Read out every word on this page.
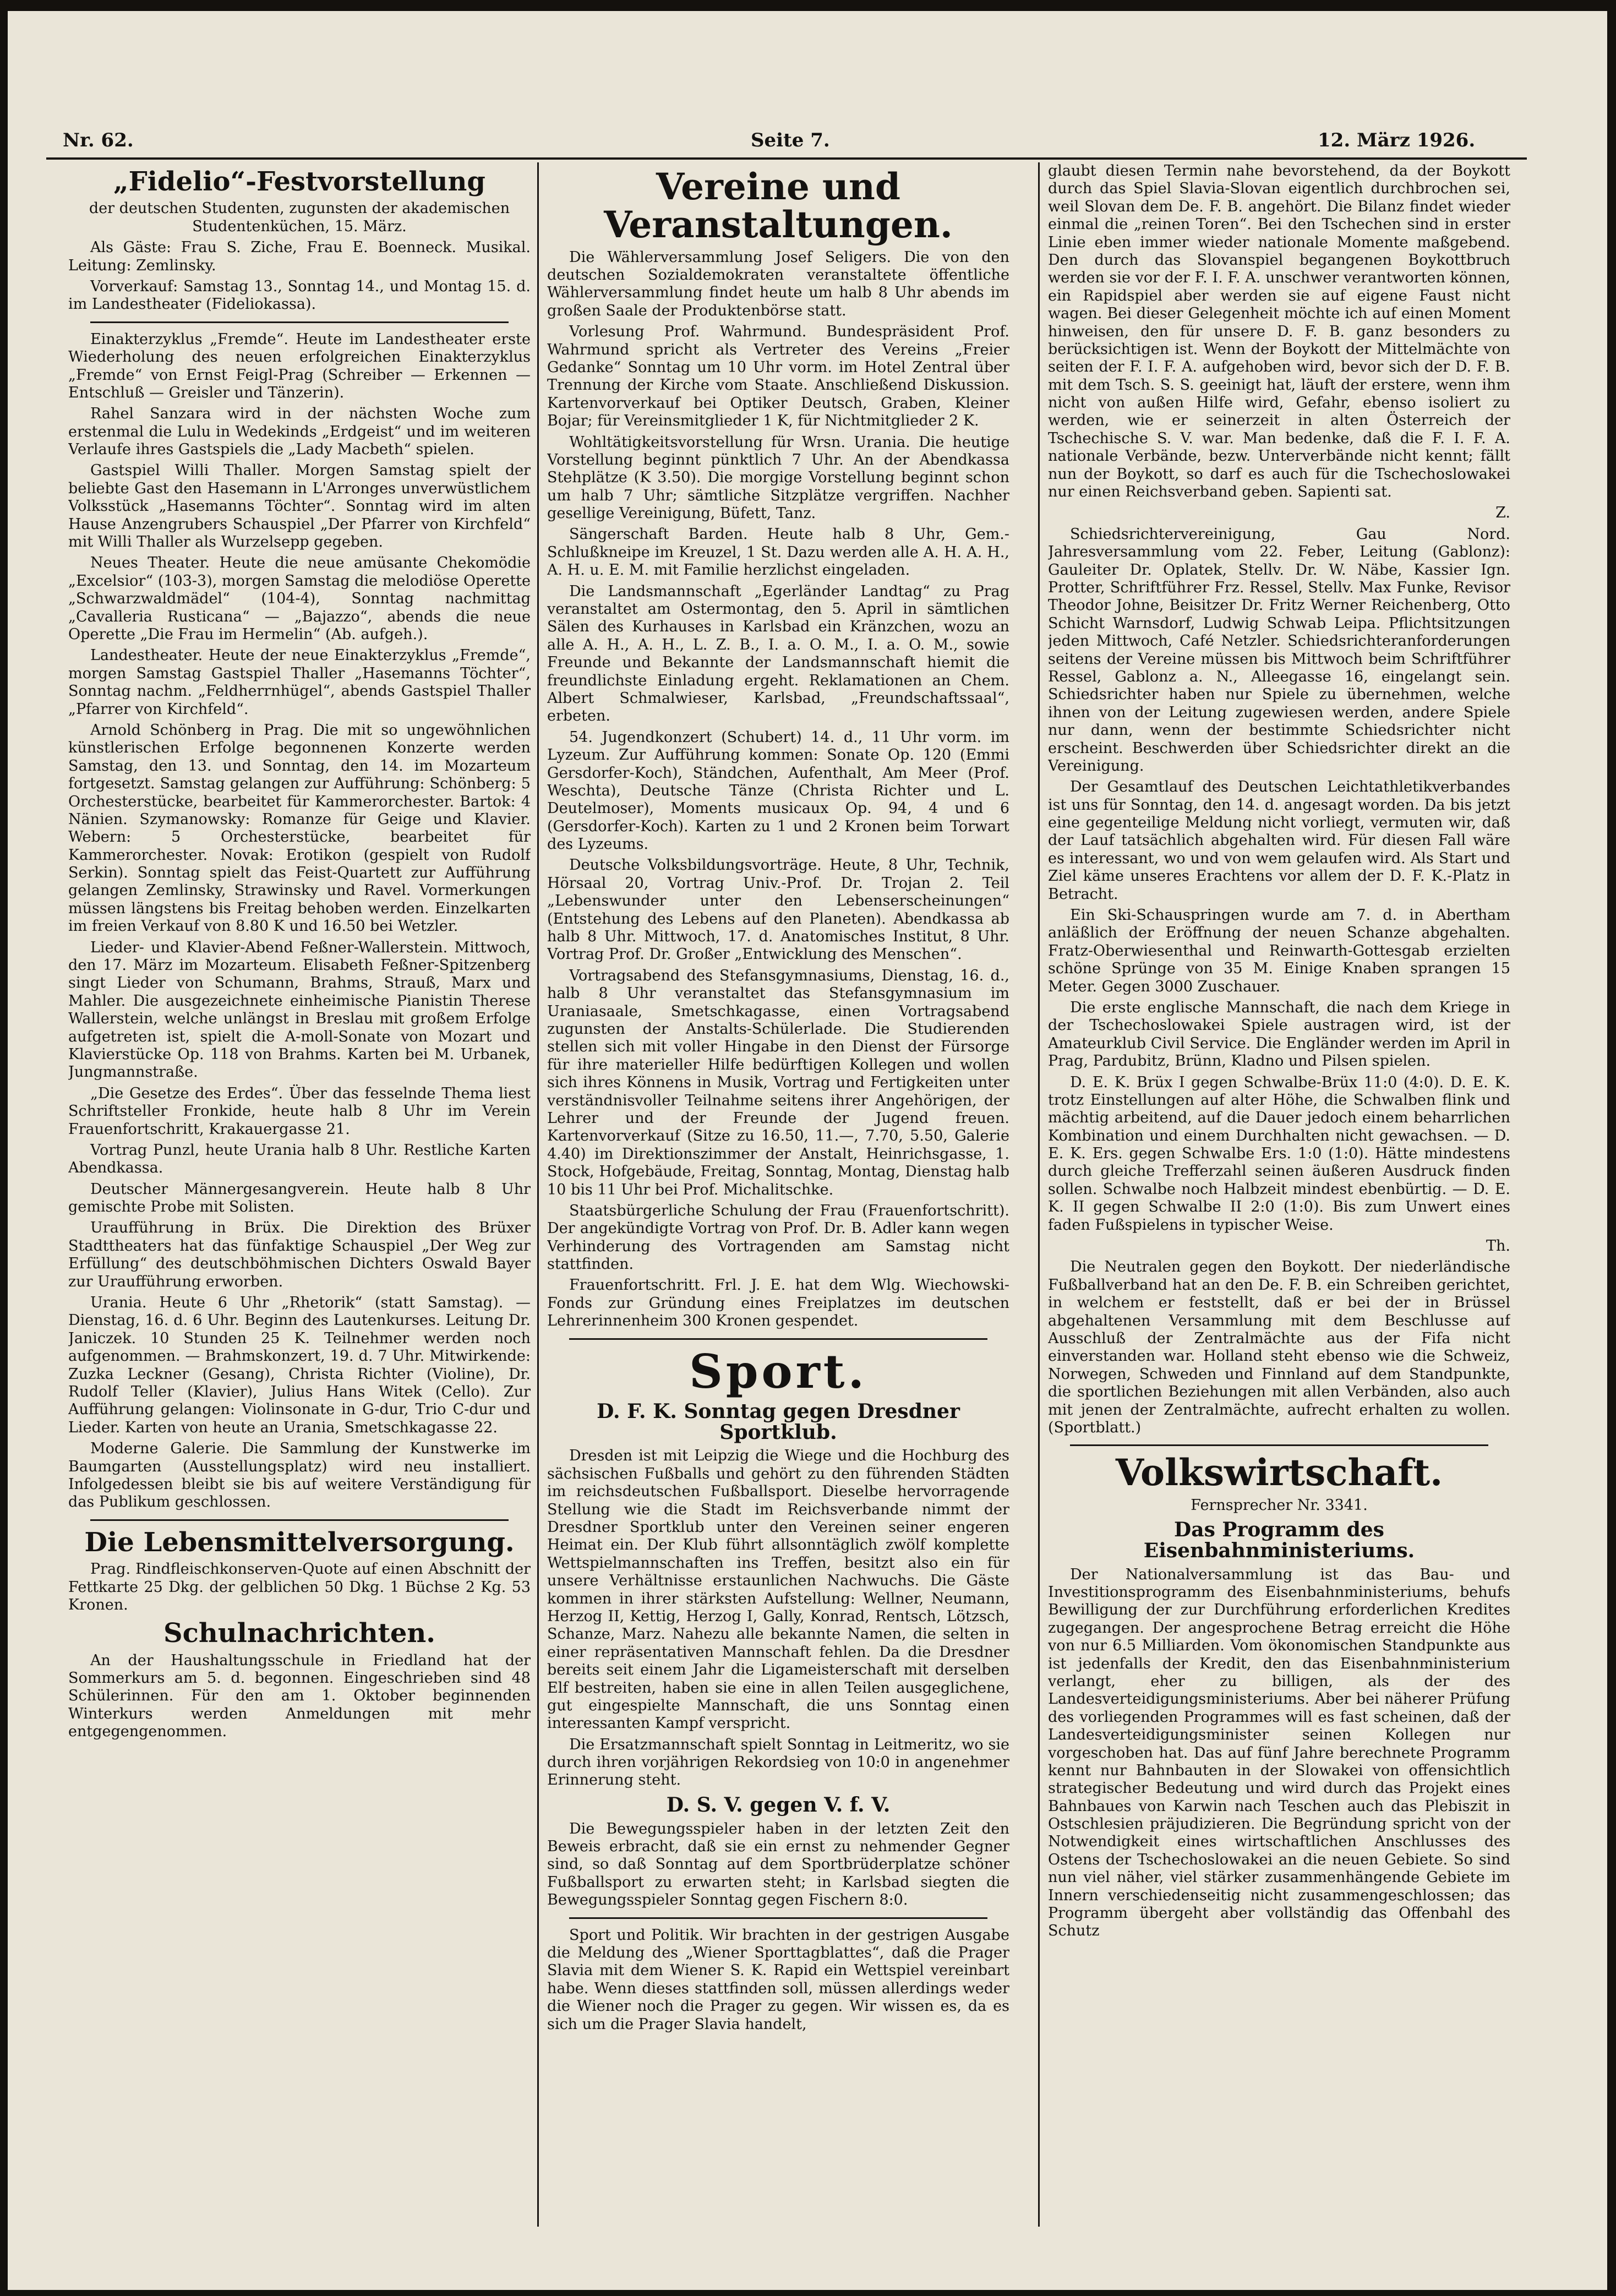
Nr. 62.	Seite 7.	12. März 1926.
„Fidelio“-Festvorstellung

der deutschen Studenten, zugunsten der akademischen Studentenküchen, 15. März.

Als Gäste: Frau S. Ziche, Frau E. Boenneck. Musikal. Leitung: Zemlinsky.

Vorverkauf: Samstag 13., Sonntag 14., und Montag 15. d. im Landestheater (Fideliokassa).

Einakterzyklus „Fremde“. Heute im Landestheater erste Wiederholung des neuen erfolgreichen Einakterzyklus „Fremde“ von Ernst Feigl-Prag (Schreiber — Erkennen — Entschluß — Greisler und Tänzerin).

Rahel Sanzara wird in der nächsten Woche zum erstenmal die Lulu in Wedekinds „Erdgeist“ und im weiteren Verlaufe ihres Gastspiels die „Lady Macbeth“ spielen.

Gastspiel Willi Thaller. Morgen Samstag spielt der beliebte Gast den Hasemann in L'Arronges unverwüstlichem Volksstück „Hasemanns Töchter“. Sonntag wird im alten Hause Anzengrubers Schauspiel „Der Pfarrer von Kirchfeld“ mit Willi Thaller als Wurzelsepp gegeben.

Neues Theater. Heute die neue amüsante Chekomödie „Excelsior“ (103-3), morgen Samstag die melodiöse Operette „Schwarzwaldmädel“ (104-4), Sonntag nachmittag „Cavalleria Rusticana“ — „Bajazzo“, abends die neue Operette „Die Frau im Hermelin“ (Ab. aufgeh.).

Landestheater. Heute der neue Einakterzyklus „Fremde“, morgen Samstag Gastspiel Thaller „Hasemanns Töchter“, Sonntag nachm. „Feldherrnhügel“, abends Gastspiel Thaller „Pfarrer von Kirchfeld“.

Arnold Schönberg in Prag. Die mit so ungewöhnlichen künstlerischen Erfolge begonnenen Konzerte werden Samstag, den 13. und Sonntag, den 14. im Mozarteum fortgesetzt. Samstag gelangen zur Aufführung: Schönberg: 5 Orchesterstücke, bearbeitet für Kammerorchester. Bartok: 4 Nänien. Szymanowsky: Romanze für Geige und Klavier. Webern: 5 Orchesterstücke, bearbeitet für Kammerorchester. Novak: Erotikon (gespielt von Rudolf Serkin). Sonntag spielt das Feist-Quartett zur Aufführung gelangen Zemlinsky, Strawinsky und Ravel. Vormerkungen müssen längstens bis Freitag behoben werden. Einzelkarten im freien Verkauf von 8.80 K und 16.50 bei Wetzler.

Lieder- und Klavier-Abend Feßner-Wallerstein. Mittwoch, den 17. März im Mozarteum. Elisabeth Feßner-Spitzenberg singt Lieder von Schumann, Brahms, Strauß, Marx und Mahler. Die ausgezeichnete einheimische Pianistin Therese Wallerstein, welche unlängst in Breslau mit großem Erfolge aufgetreten ist, spielt die A-moll-Sonate von Mozart und Klavierstücke Op. 118 von Brahms. Karten bei M. Urbanek, Jungmannstraße.

„Die Gesetze des Erdes“. Über das fesselnde Thema liest Schriftsteller Fronkide, heute halb 8 Uhr im Verein Frauenfortschritt, Krakauergasse 21.

Vortrag Punzl, heute Urania halb 8 Uhr. Restliche Karten Abendkassa.

Deutscher Männergesangverein. Heute halb 8 Uhr gemischte Probe mit Solisten.

Uraufführung in Brüx. Die Direktion des Brüxer Stadttheaters hat das fünfaktige Schauspiel „Der Weg zur Erfüllung“ des deutschböhmischen Dichters Oswald Bayer zur Uraufführung erworben.

Urania. Heute 6 Uhr „Rhetorik“ (statt Samstag). — Dienstag, 16. d. 6 Uhr. Beginn des Lautenkurses. Leitung Dr. Janiczek. 10 Stunden 25 K. Teilnehmer werden noch aufgenommen. — Brahmskonzert, 19. d. 7 Uhr. Mitwirkende: Zuzka Leckner (Gesang), Christa Richter (Violine), Dr. Rudolf Teller (Klavier), Julius Hans Witek (Cello). Zur Aufführung gelangen: Violinsonate in G-dur, Trio C-dur und Lieder. Karten von heute an Urania, Smetschkagasse 22.

Moderne Galerie. Die Sammlung der Kunstwerke im Baumgarten (Ausstellungsplatz) wird neu installiert. Infolgedessen bleibt sie bis auf weitere Verständigung für das Publikum geschlossen.

Die Lebensmittelversorgung.

Prag. Rindfleischkonserven-Quote auf einen Abschnitt der Fettkarte 25 Dkg. der gelblichen 50 Dkg. 1 Büchse 2 Kg. 53 Kronen.

Schulnachrichten.

An der Haushaltungsschule in Friedland hat der Sommerkurs am 5. d. begonnen. Eingeschrieben sind 48 Schülerinnen. Für den am 1. Oktober beginnenden Winterkurs werden Anmeldungen mit mehr entgegengenommen.

Vereine und Veranstaltungen.

Die Wählerversammlung Josef Seligers. Die von den deutschen Sozialdemokraten veranstaltete öffentliche Wählerversammlung findet heute um halb 8 Uhr abends im großen Saale der Produktenbörse statt.

Vorlesung Prof. Wahrmund. Bundespräsident Prof. Wahrmund spricht als Vertreter des Vereins „Freier Gedanke“ Sonntag um 10 Uhr vorm. im Hotel Zentral über Trennung der Kirche vom Staate. Anschließend Diskussion. Kartenvorverkauf bei Optiker Deutsch, Graben, Kleiner Bojar; für Vereinsmitglieder 1 K, für Nichtmitglieder 2 K.

Wohltätigkeitsvorstellung für Wrsn. Urania. Die heutige Vorstellung beginnt pünktlich 7 Uhr. An der Abendkassa Stehplätze (K 3.50). Die morgige Vorstellung beginnt schon um halb 7 Uhr; sämtliche Sitzplätze vergriffen. Nachher gesellige Vereinigung, Büfett, Tanz.

Sängerschaft Barden. Heute halb 8 Uhr, Gem.-Schlußkneipe im Kreuzel, 1 St. Dazu werden alle A. H. A. H., A. H. u. E. M. mit Familie herzlichst eingeladen.

Die Landsmannschaft „Egerländer Landtag“ zu Prag veranstaltet am Ostermontag, den 5. April in sämtlichen Sälen des Kurhauses in Karlsbad ein Kränzchen, wozu an alle A. H., A. H., L. Z. B., I. a. O. M., I. a. O. M., sowie Freunde und Bekannte der Landsmannschaft hiemit die freundlichste Einladung ergeht. Reklamationen an Chem. Albert Schmalwieser, Karlsbad, „Freundschaftssaal“, erbeten.

54. Jugendkonzert (Schubert) 14. d., 11 Uhr vorm. im Lyzeum. Zur Aufführung kommen: Sonate Op. 120 (Emmi Gersdorfer-Koch), Ständchen, Aufenthalt, Am Meer (Prof. Weschta), Deutsche Tänze (Christa Richter und L. Deutelmoser), Moments musicaux Op. 94, 4 und 6 (Gersdorfer-Koch). Karten zu 1 und 2 Kronen beim Torwart des Lyzeums.

Deutsche Volksbildungsvorträge. Heute, 8 Uhr, Technik, Hörsaal 20, Vortrag Univ.-Prof. Dr. Trojan 2. Teil „Lebenswunder unter den Lebenserscheinungen“ (Entstehung des Lebens auf den Planeten). Abendkassa ab halb 8 Uhr. Mittwoch, 17. d. Anatomisches Institut, 8 Uhr. Vortrag Prof. Dr. Großer „Entwicklung des Menschen“.

Vortragsabend des Stefansgymnasiums, Dienstag, 16. d., halb 8 Uhr veranstaltet das Stefansgymnasium im Uraniasaale, Smetschkagasse, einen Vortragsabend zugunsten der Anstalts-Schülerlade. Die Studierenden stellen sich mit voller Hingabe in den Dienst der Fürsorge für ihre materieller Hilfe bedürftigen Kollegen und wollen sich ihres Könnens in Musik, Vortrag und Fertigkeiten unter verständnisvoller Teilnahme seitens ihrer Angehörigen, der Lehrer und der Freunde der Jugend freuen. Kartenvorverkauf (Sitze zu 16.50, 11.—, 7.70, 5.50, Galerie 4.40) im Direktionszimmer der Anstalt, Heinrichsgasse, 1. Stock, Hofgebäude, Freitag, Sonntag, Montag, Dienstag halb 10 bis 11 Uhr bei Prof. Michalitschke.

Staatsbürgerliche Schulung der Frau (Frauenfortschritt). Der angekündigte Vortrag von Prof. Dr. B. Adler kann wegen Verhinderung des Vortragenden am Samstag nicht stattfinden.

Frauenfortschritt. Frl. J. E. hat dem Wlg. Wiechowski-Fonds zur Gründung eines Freiplatzes im deutschen Lehrerinnenheim 300 Kronen gespendet.

Sport.
D. F. K. Sonntag gegen Dresdner Sportklub.

Dresden ist mit Leipzig die Wiege und die Hochburg des sächsischen Fußballs und gehört zu den führenden Städten im reichsdeutschen Fußballsport. Dieselbe hervorragende Stellung wie die Stadt im Reichsverbande nimmt der Dresdner Sportklub unter den Vereinen seiner engeren Heimat ein. Der Klub führt allsonntäglich zwölf komplette Wettspielmannschaften ins Treffen, besitzt also ein für unsere Verhältnisse erstaunlichen Nachwuchs. Die Gäste kommen in ihrer stärksten Aufstellung: Wellner, Neumann, Herzog II, Kettig, Herzog I, Gally, Konrad, Rentsch, Lötzsch, Schanze, Marz. Nahezu alle bekannte Namen, die selten in einer repräsentativen Mannschaft fehlen. Da die Dresdner bereits seit einem Jahr die Ligameisterschaft mit derselben Elf bestreiten, haben sie eine in allen Teilen ausgeglichene, gut eingespielte Mannschaft, die uns Sonntag einen interessanten Kampf verspricht.

Die Ersatzmannschaft spielt Sonntag in Leitmeritz, wo sie durch ihren vorjährigen Rekordsieg von 10:0 in angenehmer Erinnerung steht.

D. S. V. gegen V. f. V.

Die Bewegungsspieler haben in der letzten Zeit den Beweis erbracht, daß sie ein ernst zu nehmender Gegner sind, so daß Sonntag auf dem Sportbrüderplatze schöner Fußballsport zu erwarten steht; in Karlsbad siegten die Bewegungsspieler Sonntag gegen Fischern 8:0.

Sport und Politik. Wir brachten in der gestrigen Ausgabe die Meldung des „Wiener Sporttagblattes“, daß die Prager Slavia mit dem Wiener S. K. Rapid ein Wettspiel vereinbart habe. Wenn dieses stattfinden soll, müssen allerdings weder die Wiener noch die Prager zu gegen. Wir wissen es, da es sich um die Prager Slavia handelt,

glaubt diesen Termin nahe bevorstehend, da der Boykott durch das Spiel Slavia-Slovan eigentlich durchbrochen sei, weil Slovan dem De. F. B. angehört. Die Bilanz findet wieder einmal die „reinen Toren“. Bei den Tschechen sind in erster Linie eben immer wieder nationale Momente maßgebend. Den durch das Slovanspiel begangenen Boykottbruch werden sie vor der F. I. F. A. unschwer verantworten können, ein Rapidspiel aber werden sie auf eigene Faust nicht wagen. Bei dieser Gelegenheit möchte ich auf einen Moment hinweisen, den für unsere D. F. B. ganz besonders zu berücksichtigen ist. Wenn der Boykott der Mittelmächte von seiten der F. I. F. A. aufgehoben wird, bevor sich der D. F. B. mit dem Tsch. S. S. geeinigt hat, läuft der erstere, wenn ihm nicht von außen Hilfe wird, Gefahr, ebenso isoliert zu werden, wie er seinerzeit in alten Österreich der Tschechische S. V. war. Man bedenke, daß die F. I. F. A. nationale Verbände, bezw. Unterverbände nicht kennt; fällt nun der Boykott, so darf es auch für die Tschechoslowakei nur einen Reichsverband geben. Sapienti sat.

Z.

Schiedsrichtervereinigung, Gau Nord. Jahresversammlung vom 22. Feber, Leitung (Gablonz): Gauleiter Dr. Oplatek, Stellv. Dr. W. Näbe, Kassier Ign. Protter, Schriftführer Frz. Ressel, Stellv. Max Funke, Revisor Theodor Johne, Beisitzer Dr. Fritz Werner Reichenberg, Otto Schicht Warnsdorf, Ludwig Schwab Leipa. Pflichtsitzungen jeden Mittwoch, Café Netzler. Schiedsrichteranforderungen seitens der Vereine müssen bis Mittwoch beim Schriftführer Ressel, Gablonz a. N., Alleegasse 16, eingelangt sein. Schiedsrichter haben nur Spiele zu übernehmen, welche ihnen von der Leitung zugewiesen werden, andere Spiele nur dann, wenn der bestimmte Schiedsrichter nicht erscheint. Beschwerden über Schiedsrichter direkt an die Vereinigung.

Der Gesamtlauf des Deutschen Leichtathletikverbandes ist uns für Sonntag, den 14. d. angesagt worden. Da bis jetzt eine gegenteilige Meldung nicht vorliegt, vermuten wir, daß der Lauf tatsächlich abgehalten wird. Für diesen Fall wäre es interessant, wo und von wem gelaufen wird. Als Start und Ziel käme unseres Erachtens vor allem der D. F. K.-Platz in Betracht.

Ein Ski-Schauspringen wurde am 7. d. in Abertham anläßlich der Eröffnung der neuen Schanze abgehalten. Fratz-Oberwiesenthal und Reinwarth-Gottesgab erzielten schöne Sprünge von 35 M. Einige Knaben sprangen 15 Meter. Gegen 3000 Zuschauer.

Die erste englische Mannschaft, die nach dem Kriege in der Tschechoslowakei Spiele austragen wird, ist der Amateurklub Civil Service. Die Engländer werden im April in Prag, Pardubitz, Brünn, Kladno und Pilsen spielen.

D. E. K. Brüx I gegen Schwalbe-Brüx 11:0 (4:0). D. E. K. trotz Einstellungen auf alter Höhe, die Schwalben flink und mächtig arbeitend, auf die Dauer jedoch einem beharrlichen Kombination und einem Durchhalten nicht gewachsen. — D. E. K. Ers. gegen Schwalbe Ers. 1:0 (1:0). Hätte mindestens durch gleiche Trefferzahl seinen äußeren Ausdruck finden sollen. Schwalbe noch Halbzeit mindest ebenbürtig. — D. E. K. II gegen Schwalbe II 2:0 (1:0). Bis zum Unwert eines faden Fußspielens in typischer Weise.

Th.

Die Neutralen gegen den Boykott. Der niederländische Fußballverband hat an den De. F. B. ein Schreiben gerichtet, in welchem er feststellt, daß er bei der in Brüssel abgehaltenen Versammlung mit dem Beschlusse auf Ausschluß der Zentralmächte aus der Fifa nicht einverstanden war. Holland steht ebenso wie die Schweiz, Norwegen, Schweden und Finnland auf dem Standpunkte, die sportlichen Beziehungen mit allen Verbänden, also auch mit jenen der Zentralmächte, aufrecht erhalten zu wollen. (Sportblatt.)

Volkswirtschaft.

Fernsprecher Nr. 3341.

Das Programm des Eisenbahnministeriums.

Der Nationalversammlung ist das Bau- und Investitionsprogramm des Eisenbahnministeriums, behufs Bewilligung der zur Durchführung erforderlichen Kredites zugegangen. Der angesprochene Betrag erreicht die Höhe von nur 6.5 Milliarden. Vom ökonomischen Standpunkte aus ist jedenfalls der Kredit, den das Eisenbahnministerium verlangt, eher zu billigen, als der des Landesverteidigungsministeriums. Aber bei näherer Prüfung des vorliegenden Programmes will es fast scheinen, daß der Landesverteidigungsminister seinen Kollegen nur vorgeschoben hat. Das auf fünf Jahre berechnete Programm kennt nur Bahnbauten in der Slowakei von offensichtlich strategischer Bedeutung und wird durch das Projekt eines Bahnbaues von Karwin nach Teschen auch das Plebiszit in Ostschlesien präjudizieren. Die Begründung spricht von der Notwendigkeit eines wirtschaftlichen Anschlusses des Ostens der Tschechoslowakei an die neuen Gebiete. So sind nun viel näher, viel stärker zusammenhängende Gebiete im Innern verschiedenseitig nicht zusammengeschlossen; das Programm übergeht aber vollständig das Offenbahl des Schutz
